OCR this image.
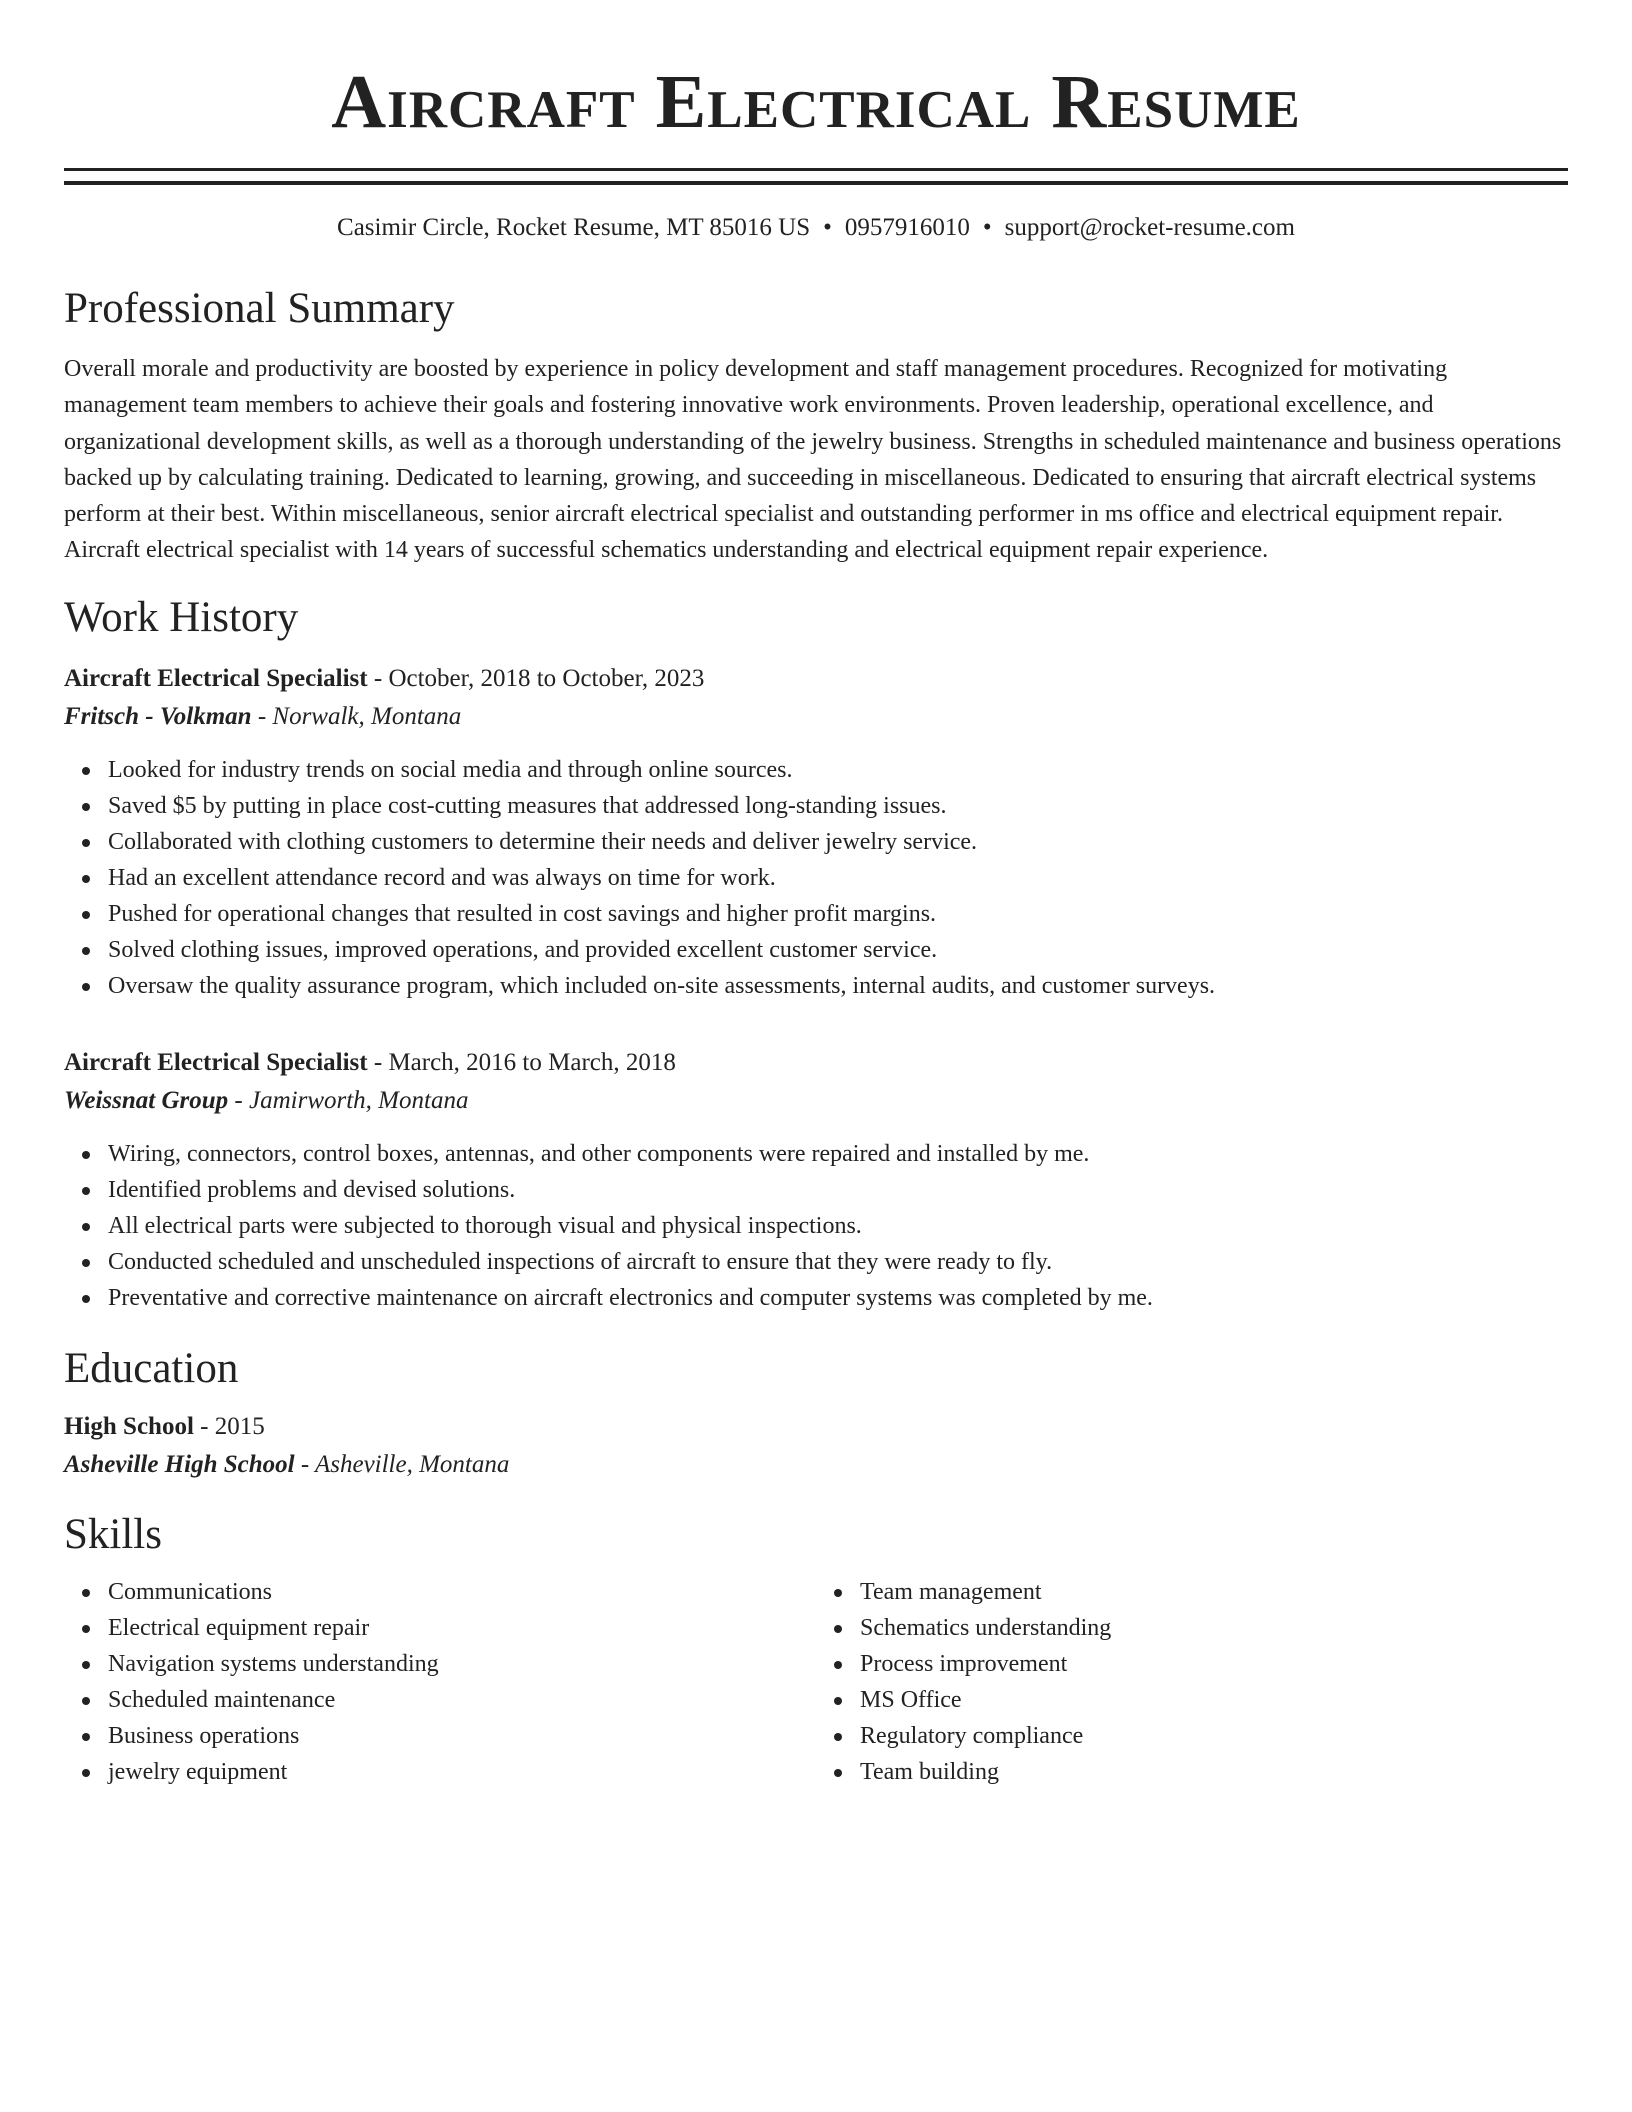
Aircraft Electrical Resume
Casimir Circle, Rocket Resume, MT 85016 US • 0957916010 • support@rocket-resume.com
Professional Summary
Overall morale and productivity are boosted by experience in policy development and staff management procedures. Recognized for motivating management team members to achieve their goals and fostering innovative work environments. Proven leadership, operational excellence, and organizational development skills, as well as a thorough understanding of the jewelry business. Strengths in scheduled maintenance and business operations backed up by calculating training. Dedicated to learning, growing, and succeeding in miscellaneous. Dedicated to ensuring that aircraft electrical systems perform at their best. Within miscellaneous, senior aircraft electrical specialist and outstanding performer in ms office and electrical equipment repair. Aircraft electrical specialist with 14 years of successful schematics understanding and electrical equipment repair experience.
Work History
Aircraft Electrical Specialist - October, 2018 to October, 2023
Fritsch - Volkman - Norwalk, Montana
Looked for industry trends on social media and through online sources.
Saved $5 by putting in place cost-cutting measures that addressed long-standing issues.
Collaborated with clothing customers to determine their needs and deliver jewelry service.
Had an excellent attendance record and was always on time for work.
Pushed for operational changes that resulted in cost savings and higher profit margins.
Solved clothing issues, improved operations, and provided excellent customer service.
Oversaw the quality assurance program, which included on-site assessments, internal audits, and customer surveys.
Aircraft Electrical Specialist - March, 2016 to March, 2018
Weissnat Group - Jamirworth, Montana
Wiring, connectors, control boxes, antennas, and other components were repaired and installed by me.
Identified problems and devised solutions.
All electrical parts were subjected to thorough visual and physical inspections.
Conducted scheduled and unscheduled inspections of aircraft to ensure that they were ready to fly.
Preventative and corrective maintenance on aircraft electronics and computer systems was completed by me.
Education
High School - 2015
Asheville High School - Asheville, Montana
Skills
Communications
Electrical equipment repair
Navigation systems understanding
Scheduled maintenance
Business operations
jewelry equipment
Team management
Schematics understanding
Process improvement
MS Office
Regulatory compliance
Team building
